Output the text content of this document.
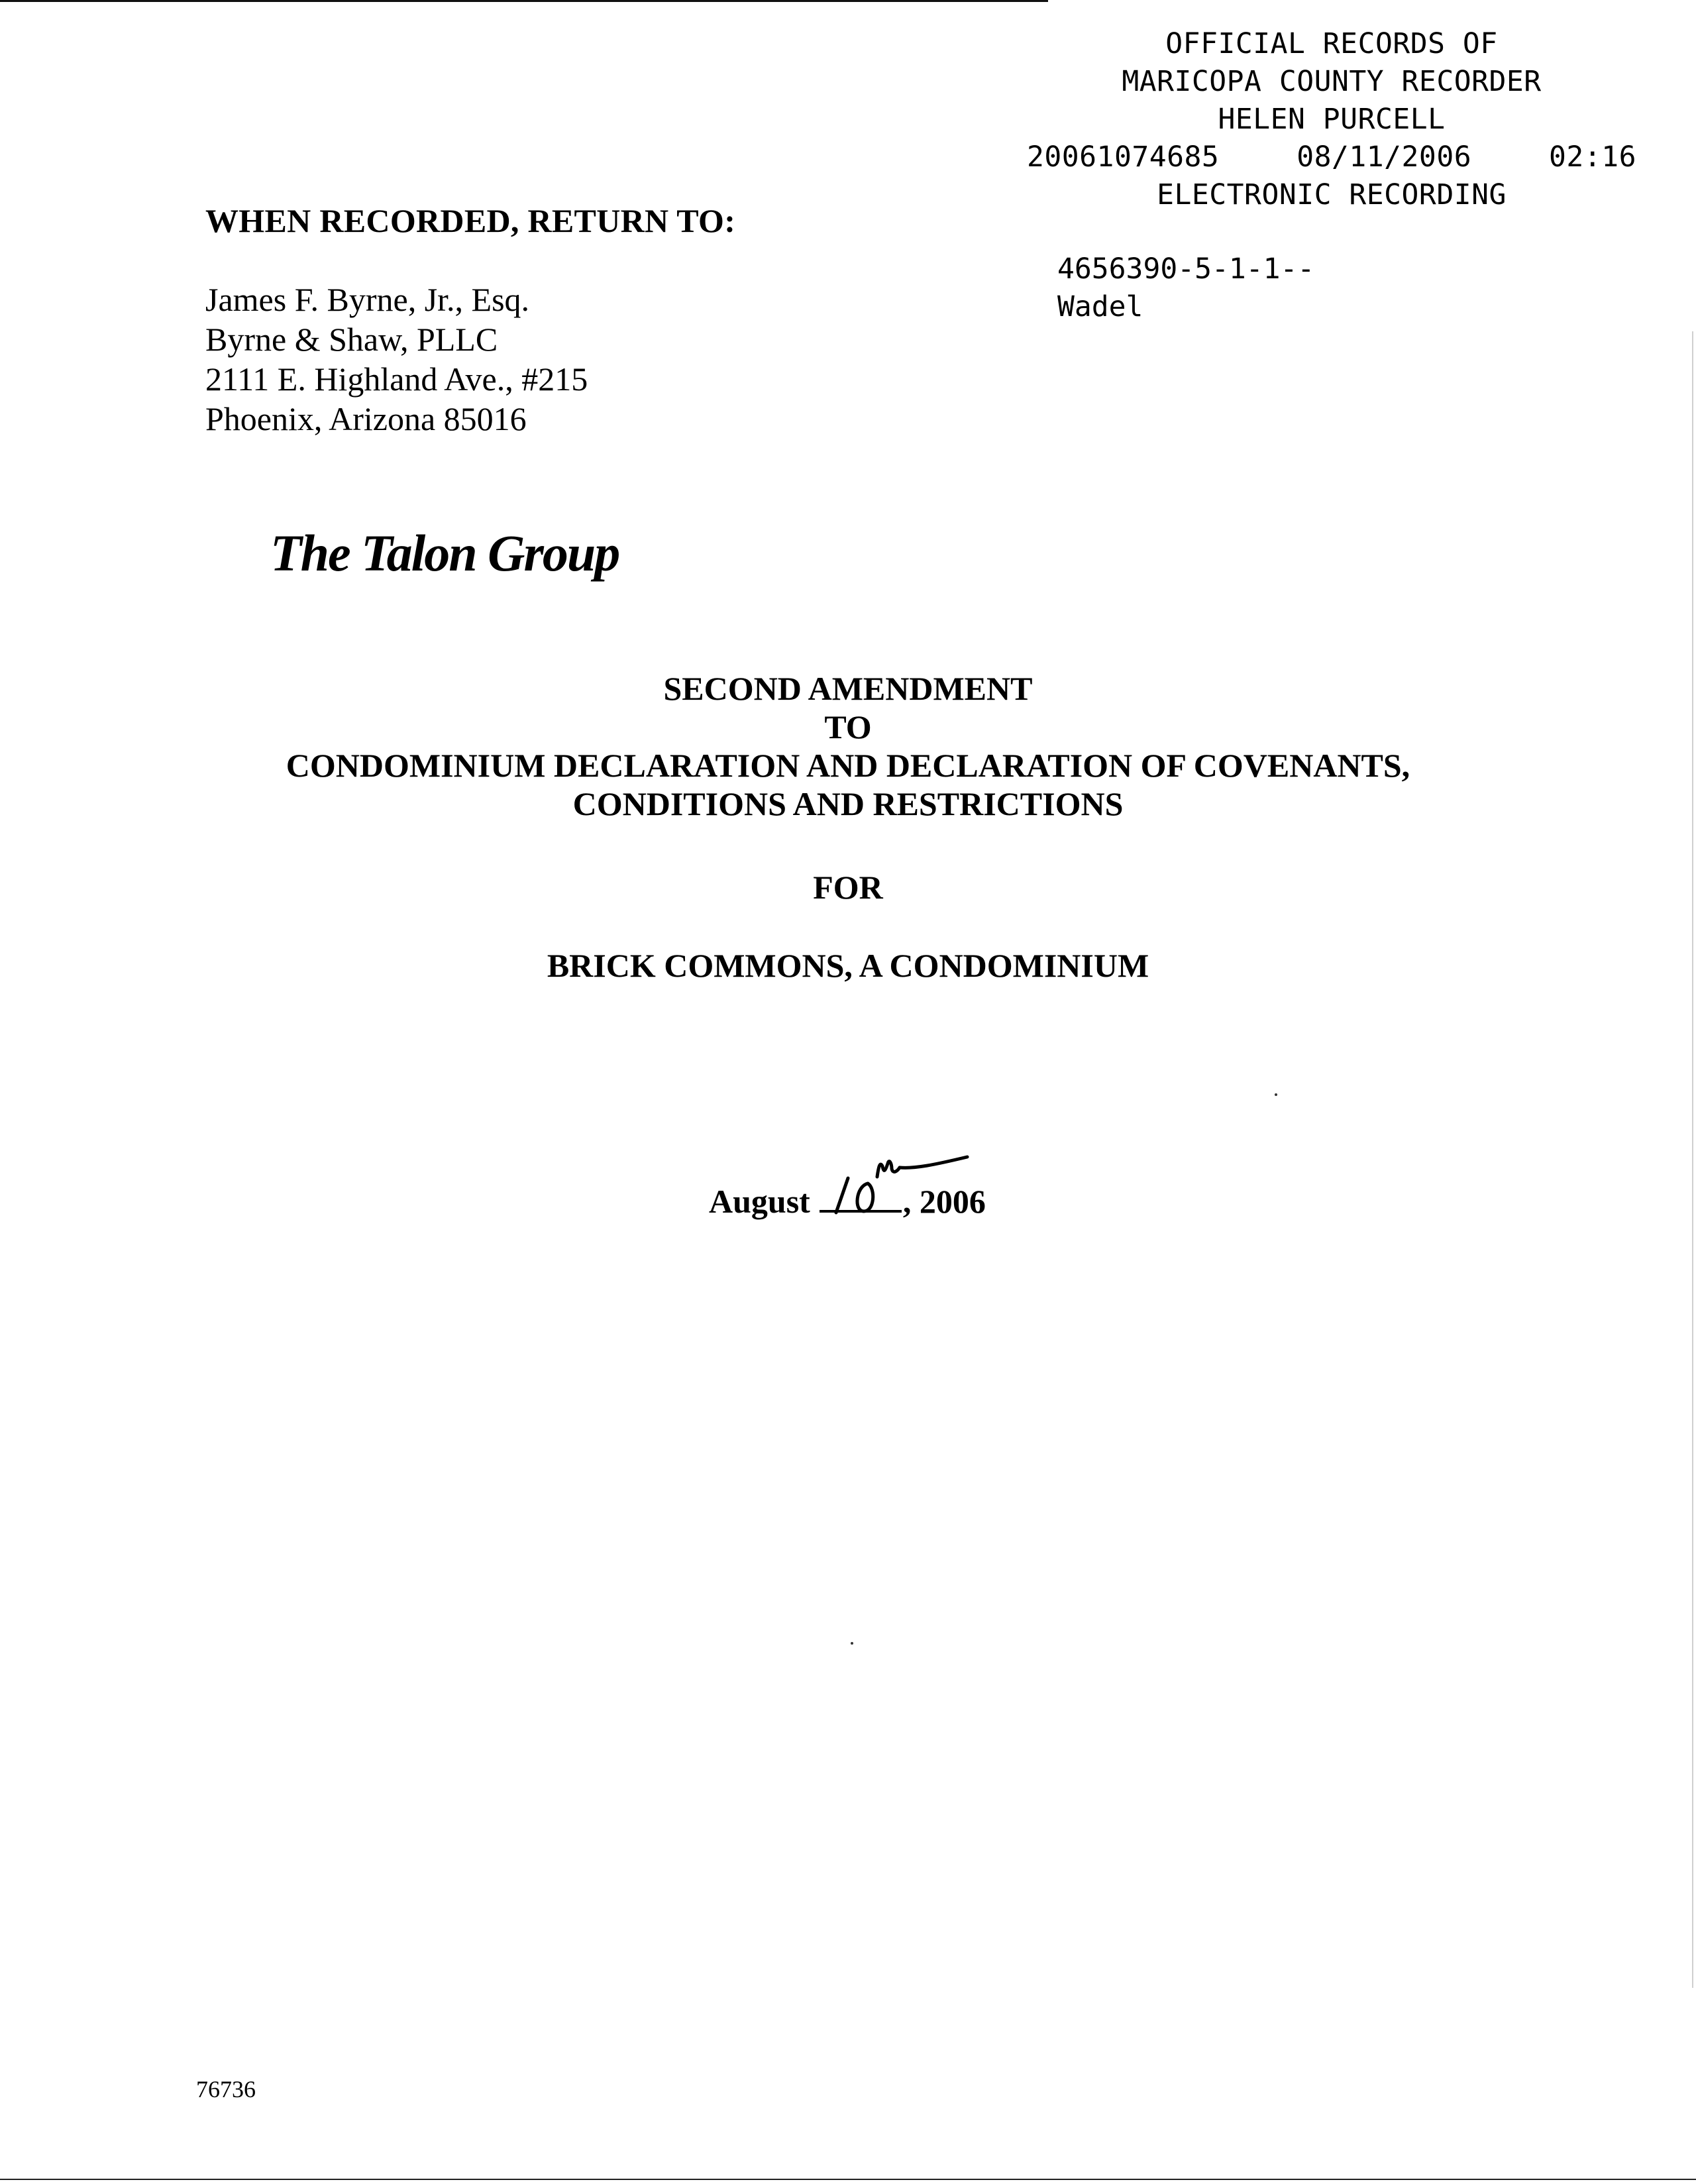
OFFICIAL RECORDS OF
MARICOPA COUNTY RECORDER
HELEN PURCELL
20061074685	08/11/2006	02:16
ELECTRONIC RECORDING
4656390-5-1-1--
Wadel
WHEN RECORDED, RETURN TO:
James F. Byrne, Jr., Esq.
Byrne & Shaw, PLLC
2111 E. Highland Ave., #215
Phoenix, Arizona 85016
The Talon Group
SECOND AMENDMENT
TO
CONDOMINIUM DECLARATION AND DECLARATION OF COVENANTS,
CONDITIONS AND RESTRICTIONS
FOR
BRICK COMMONS, A CONDOMINIUM
August	, 2006
76736
